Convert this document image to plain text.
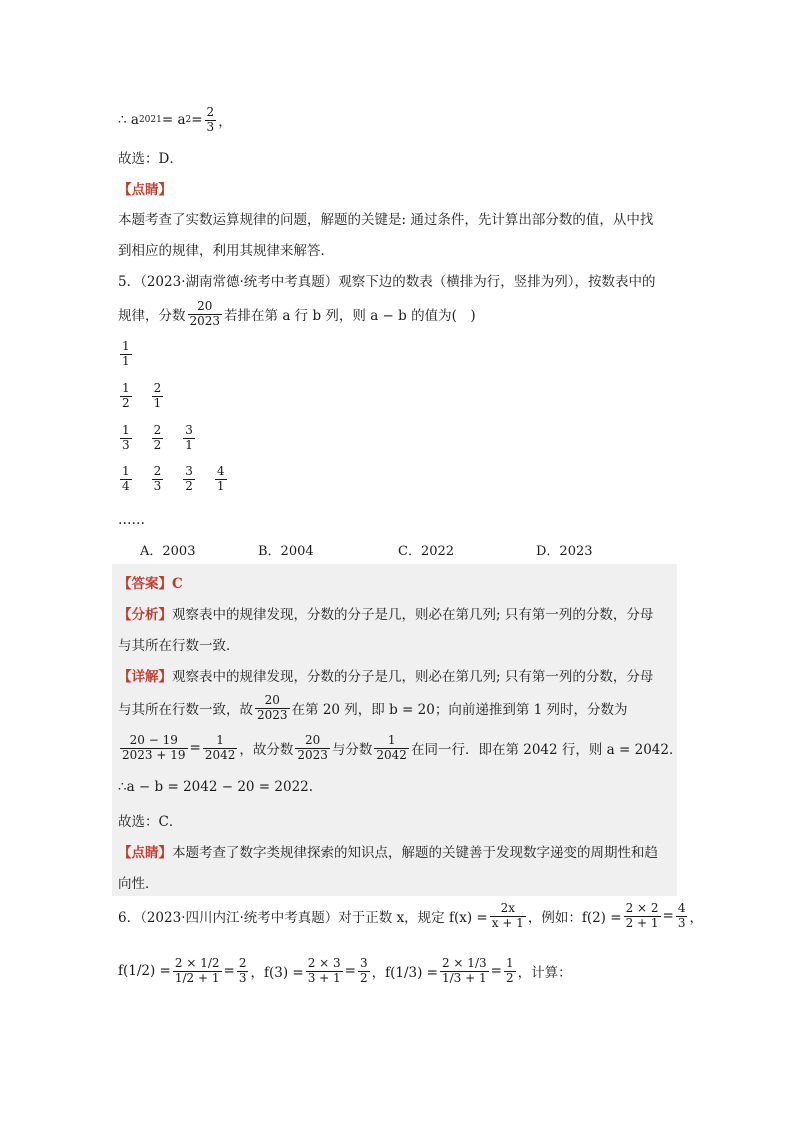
∴ a 2021 = a $2 = \frac{2}{3}$ ，
故选：D．
【点睛】
本题考查了实数运算规律的问题，解题的关键是: 通过条件，先计算出部分数的值，从中找
到相应的规律，利用其规律来解答．
5．（2023·湖南常德·统考中考真题）观察下边的数表（横排为行，竖排为列），按数表中的
规律，分数 $\frac{20}{2023}$ 若排在第 a 行 b 列，则 a − b 的值为(　)
$\frac{1}{1}$
$\frac{1}{2} \frac{2}{1}$
$\frac{1}{3} \frac{2}{2} \frac{3}{1}$
$\frac{1}{4} \frac{2}{3} \frac{3}{2} \frac{4}{1}$
……
A．2003	B．2004	C．2022	D．2023
【答案】C
【分析】 观察表中的规律发现，分数的分子是几，则必在第几列; 只有第一列的分数，分母
与其所在行数一致．
【详解】 观察表中的规律发现，分数的分子是几，则必在第几列; 只有第一列的分数，分母
与其所在行数一致，故 $\frac{20}{2023}$ 在第 20 列，即 b = 20；向前递推到第 1 列时，分数为
$\frac{20 - 19}{2023 + 19} = \frac{1}{2042}$ ，故分数 $\frac{20}{2023}$ 与分数 $\frac{1}{2042}$ 在同一行．即在第 2042 行，则 a = 2042．
∴a − b = 2042 − 20 = 2022.
故选：C．
【点睛】 本题考查了数字类规律探索的知识点，解题的关键善于发现数字递变的周期性和趋
向性．
6．（2023·四川内江·统考中考真题）对于正数 x，规定 $f(x) = \frac{2x}{x + 1}$ ，例如：$f(2) = \frac{2 \times 2}{2 + 1} = \frac{4}{3}$ ，
$f(1/2) = \frac{2 \times 1/2}{1/2 + 1} = \frac{2}{3}$ ，$f(3) = \frac{2 \times 3}{3 + 1} = \frac{3}{2}$ ，$f(1/3) = \frac{2 \times 1/3}{1/3 + 1} = \frac{1}{2}$ ，计算：
